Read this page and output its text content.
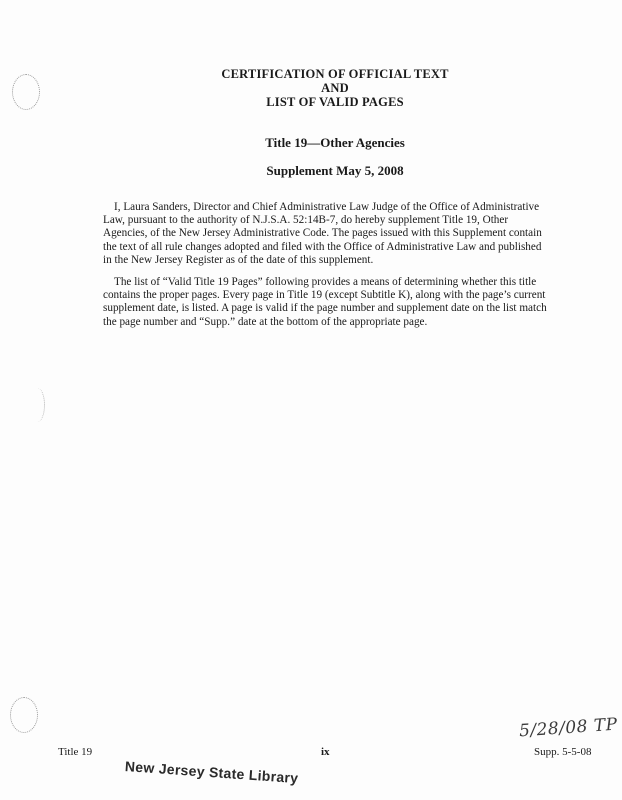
CERTIFICATION OF OFFICIAL TEXT
AND
LIST OF VALID PAGES
Title 19—Other Agencies
Supplement May 5, 2008

I, Laura Sanders, Director and Chief Administrative Law Judge of the Office of Administrative Law, pursuant to the authority of N.J.S.A. 52:14B-7, do hereby supplement Title 19, Other Agencies, of the New Jersey Administrative Code. The pages issued with this Supplement contain the text of all rule changes adopted and filed with the Office of Administrative Law and published in the New Jersey Register as of the date of this supplement.

The list of “Valid Title 19 Pages” following provides a means of determining whether this title contains the proper pages. Every page in Title 19 (except Subtitle K), along with the page’s current supplement date, is listed. A page is valid if the page number and supplement date on the list match the page number and “Supp.” date at the bottom of the appropriate page.

5/28/08 TP
Title 19	ix	Supp. 5-5-08
New Jersey State Library
